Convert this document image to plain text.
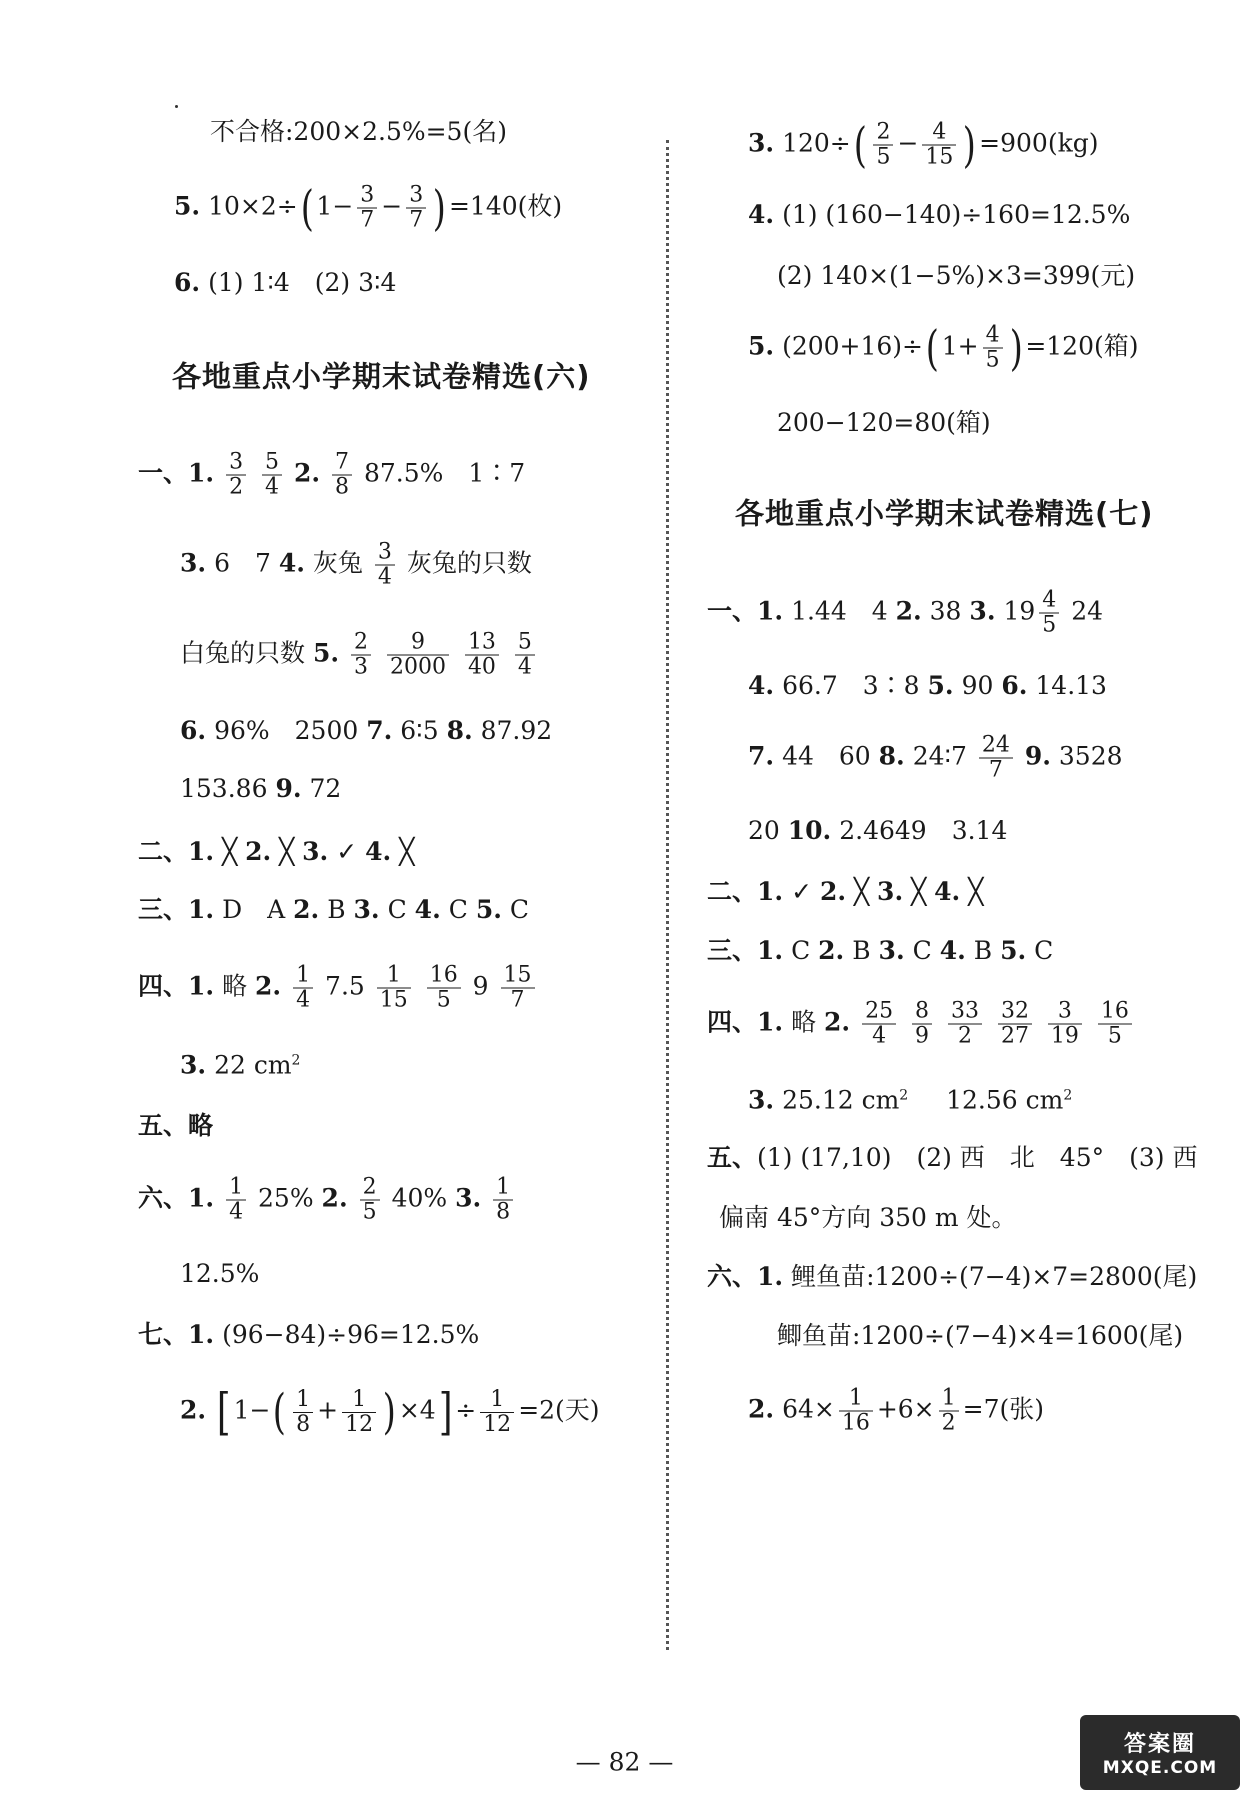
不合格:200×2.5%=5(名)
5. 10×2÷( $1- \frac{3}{7} - \frac{3}{7}$ ) =140(枚)
6. (1) 1∶4　(2) 3∶4
各地重点小学期末试卷精选(六)
一、1. $\frac{3}{2}$
$\frac{5}{4} 2$. $\frac{7}{8} 87.5\%$　1∶7
3. 6　7 4. 灰兔 $\frac{3}{4}$ 灰兔的只数
白兔的只数 5. $\frac{2}{3}$
$\frac{9}{2000}$
$\frac{13}{40}$
$\frac{5}{4}$
6. 96%　2500 7. 6∶5 8. 87.92
153.86 9. 72
二、1. ╳ 2. ╳ 3. ✓ 4. ╳
三、1. D　A 2. B 3. C 4. C 5. C
四、1. 略 2. $\frac{1}{4} 7.5 \frac{1}{15}$
$\frac{16}{5} 9 \frac{15}{7}$
3. 22 $cm^2$
五、略
六、1. $\frac{1}{4} 25\%$ 2. $\frac{2}{5} 40\%$ 3. $\frac{1}{8}$
12.5%
七、1. (96−84)÷96=12.5%
2. [ $1-( \frac{1}{8} + \frac{1}{12}$ ) $\times 4] \div \frac{1}{12} =2$(天)
3. $120\div( \frac{2}{5} - \frac{4}{15}$ ) =900(kg)
4. (1) (160−140)÷160=12.5%
(2) 140×(1−5%)×3=399(元)
5. (200+16)÷( $1+ \frac{4}{5}$ ) =120(箱)
200−120=80(箱)
各地重点小学期末试卷精选(七)
一、1. 1.44　4 2. 38 3. $19 \frac{4}{5} 24$
4. 66.7　3∶8 5. 90 6. 14.13
7. 44　60 8. 24∶7 $\frac{24}{7} 9$. 3528
20 10. 2.4649　3.14
二、1. ✓ 2. ╳ 3. ╳ 4. ╳
三、1. C 2. B 3. C 4. B 5. C
四、1. 略 2. $\frac{25}{4}$
$\frac{8}{9}$
$\frac{33}{2}$
$\frac{32}{27}$
$\frac{3}{19}$
$\frac{16}{5}$
3. 25.12 $cm^2$ 12.56 $cm^2$
五、(1) (17,10)　(2) 西　北　45°　(3) 西
偏南 45°方向 350 m 处。
六、1. 鲤鱼苗:1200÷(7−4)×7=2800(尾)
鲫鱼苗:1200÷(7−4)×4=1600(尾)
2. $64\times \frac{1}{16} +6\times \frac{1}{2} =7$(张)
— 82 —
答案圈
MXQE.COM
